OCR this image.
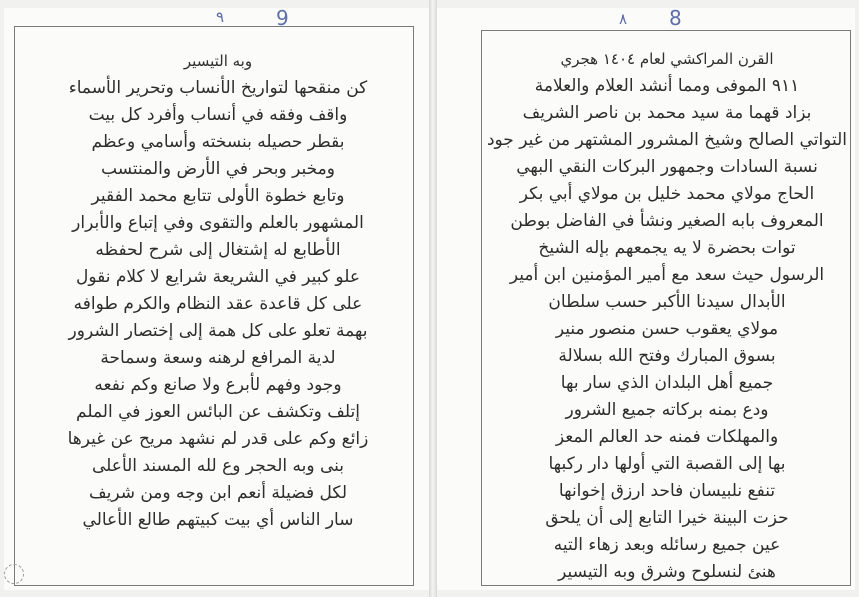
٩	9
وبه التيسير
كن منقحها لتواريخ الأنساب وتحرير الأسماء
واقف وفقه في أنساب وأفرد كل بيت
بقطر حصيله بنسخته وأسامي وعظم
ومخبر وبحر في الأرض والمنتسب
وتابع خطوة الأولى تتابع محمد الفقير
المشهور بالعلم والتقوى وفي إتباع والأبرار
الأطابع له إشتغال إلى شرح لحفظه
علو كبير في الشريعة شرايع لا كلام نقول
على كل قاعدة عقد النظام والكرم طوافه
بهمة تعلو على كل همة إلى إختصار الشرور
لدية المرافع لرهنه وسعة وسماحة
وجود وفهم لأبرع ولا صانع وكم نفعه
إتلف وتكشف عن البائس العوز في الملم
زائع وكم على قدر لم نشهد مريح عن غيرها
بنى وبه الحجر وع لله المسند الأعلى
لكل فضيلة أنعم ابن وجه ومن شريف
سار الناس أي بيت كبيتهم طالع الأعالي
٨ 8
القرن المراكشي لعام ١٤٠٤ هجري
٩١١ الموفى ومما أنشد العلام والعلامة
بزاد قهما مة سيد محمد بن ناصر الشريف
التواتي الصالح وشيخ المشرور المشتهر من غير جود
نسبة السادات وجمهور البركات النقي البهي
الحاج مولاي محمد خليل بن مولاي أبي بكر
المعروف بابه الصغير ونشأ في الفاضل بوطن
توات بحضرة لا يه يجمعهم بإله الشيخ
الرسول حيث سعد مع أمير المؤمنين ابن أمير
الأبدال سيدنا الأكبر حسب سلطان
مولاي يعقوب حسن منصور منير
بسوق المبارك وفتح الله بسلالة
جميع أهل البلدان الذي سار بها
ودع بمنه بركاته جميع الشرور
والمهلكات فمنه حد العالم المعز
بها إلى القصبة التي أولها دار ركبها
تنفع نلبيسان فاحد ارزق إخوانها
حزت البينة خيرا التابع إلى أن يلحق
عين جميع رسائله وبعد زهاء التيه
هنئ لنسلوح وشرق وبه التيسير
